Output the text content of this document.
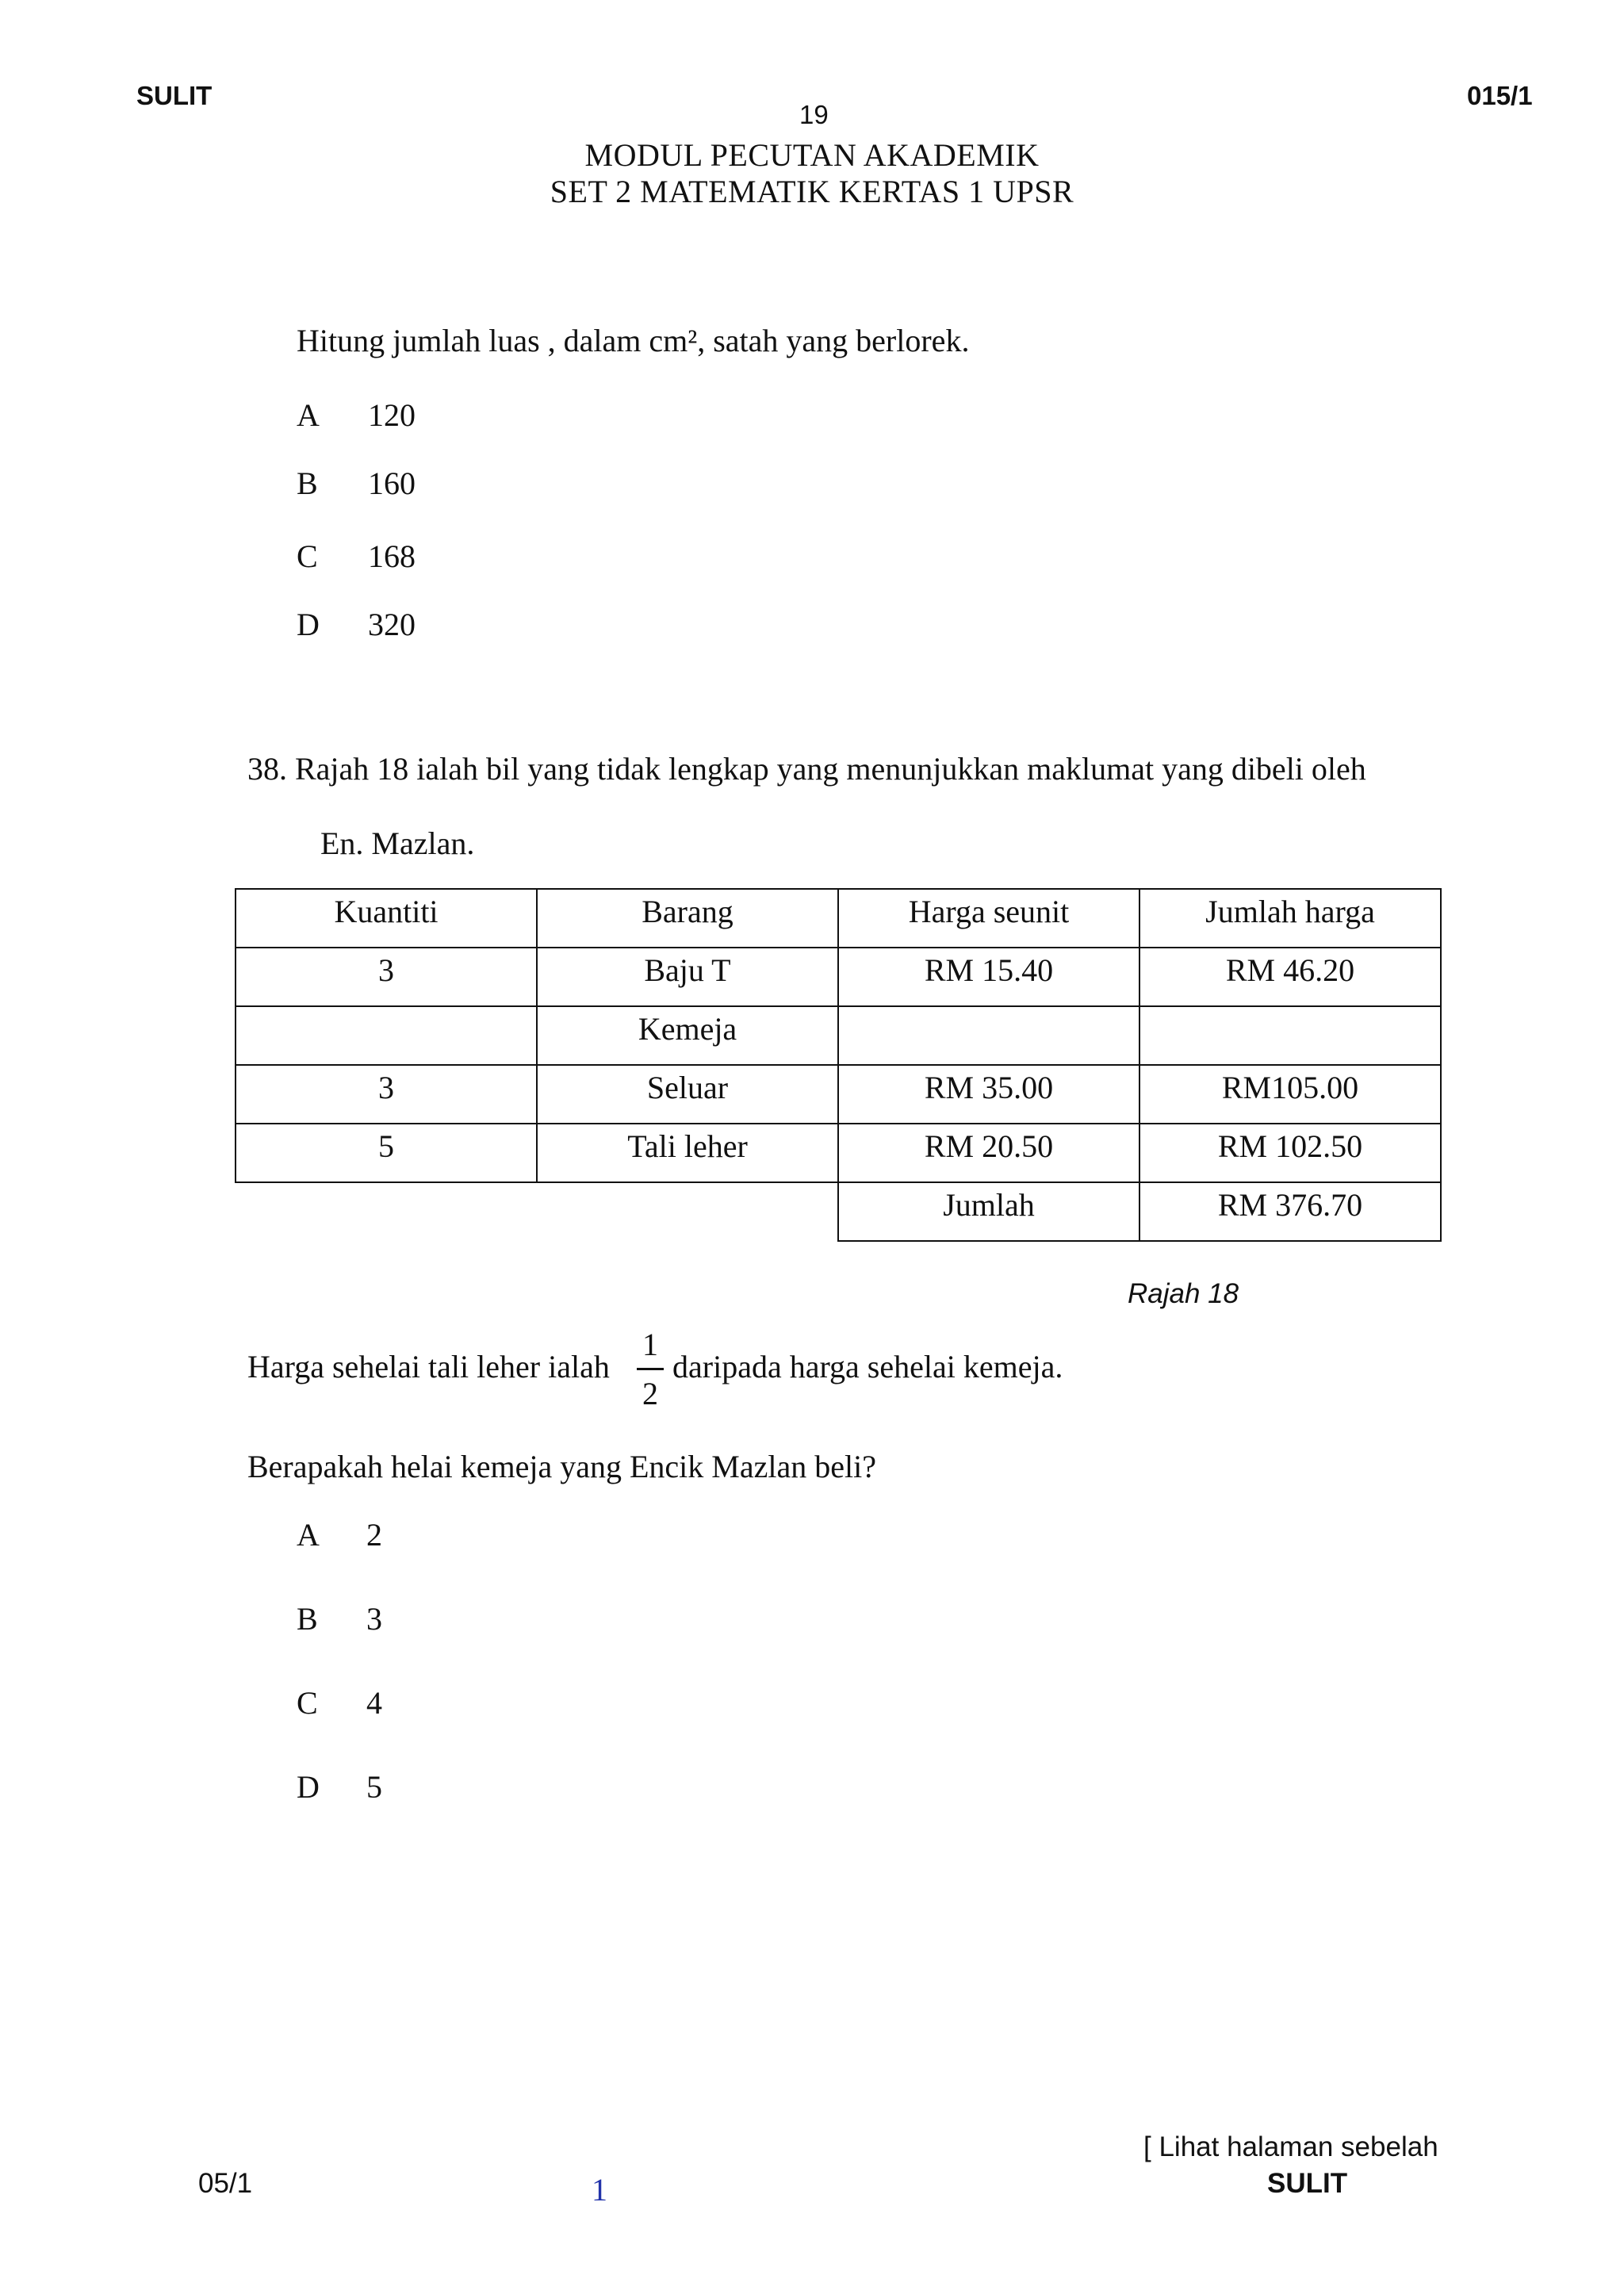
SULIT	015/1
19
MODUL PECUTAN AKADEMIK
SET 2 MATEMATIK KERTAS 1 UPSR
Hitung jumlah luas , dalam cm², satah yang berlorek.
A 120
B 160
C 168
D 320
38. Rajah 18 ialah bil yang tidak lengkap yang menunjukkan maklumat yang dibeli oleh
En. Mazlan.
Kuantiti	Barang	Harga seunit	Jumlah harga
3	Baju T	RM 15.40	RM 46.20
	Kemeja		
3	Seluar	RM 35.00	RM105.00
5	Tali leher	RM 20.50	RM 102.50
		Jumlah	RM 376.70
Rajah 18
Harga sehelai tali leher ialah
1
2
daripada harga sehelai kemeja.
Berapakah helai kemeja yang Encik Mazlan beli?
A 2
B 3
C 4
D 5
[ Lihat halaman sebelah
05/1	1	SULIT
